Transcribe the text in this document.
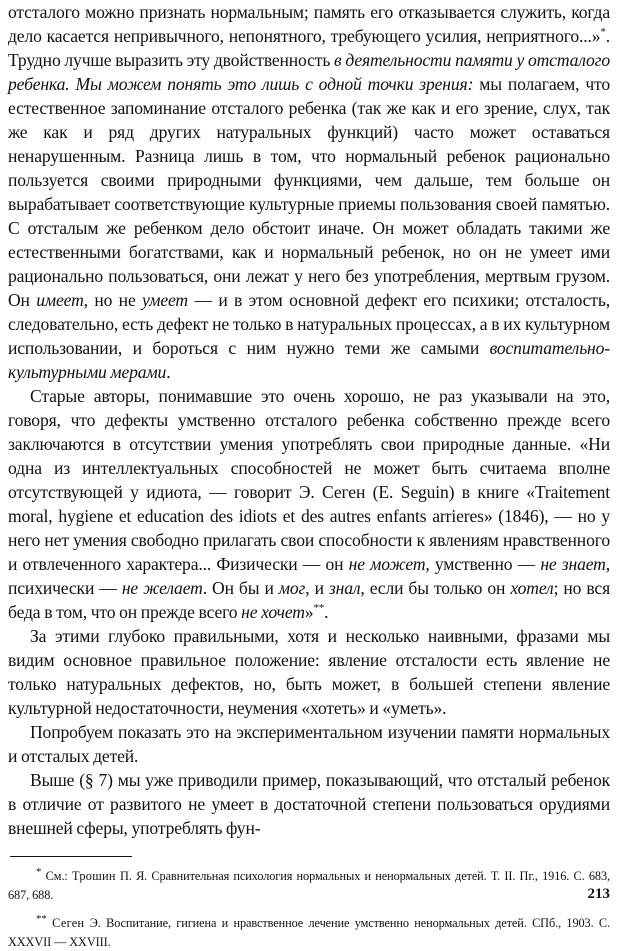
отсталого можно признать нормальным; память его отказывается служить, когда дело касается непривычного, непонятного, требующего усилия, неприятного...»*. Трудно лучше выразить эту двойственность в деятельности памяти у отсталого ребенка. Мы можем понять это лишь с одной точки зрения: мы полагаем, что естественное запоминание отсталого ребенка (так же как и его зрение, слух, так же как и ряд других натуральных функций) часто может оставаться ненарушенным. Разница лишь в том, что нормальный ребенок рационально пользуется своими природными функциями, чем дальше, тем больше он вырабатывает соответствующие культурные приемы пользования своей памятью. С отсталым же ребенком дело обстоит иначе. Он может обладать такими же естественными богатствами, как и нормальный ребенок, но он не умеет ими рационально пользоваться, они лежат у него без употребления, мертвым грузом. Он имеет, но не умеет — и в этом основной дефект его психики; отсталость, следовательно, есть дефект не только в натуральных процессах, а в их культурном использовании, и бороться с ним нужно теми же самыми воспитательно-культурными мерами.

Старые авторы, понимавшие это очень хорошо, не раз указывали на это, говоря, что дефекты умственно отсталого ребенка собственно прежде всего заключаются в отсутствии умения употреблять свои природные данные. «Ни одна из интеллектуальных способностей не может быть считаема вполне отсутствующей у идиота, — говорит Э. Сеген (E. Seguin) в книге «Traitement moral, hygiene et education des idiots et des autres enfants arrieres» (1846), — но у него нет умения свободно прилагать свои способности к явлениям нравственного и отвлеченного характера... Физически — он не может, умственно — не знает, психически — не желает. Он бы и мог, и знал, если бы только он хотел; но вся беда в том, что он прежде всего не хочет»**.

За этими глубоко правильными, хотя и несколько наивными, фразами мы видим основное правильное положение: явление отсталости есть явление не только натуральных дефектов, но, быть может, в большей степени явление культурной недостаточности, неумения «хотеть» и «уметь».

Попробуем показать это на экспериментальном изучении памяти нормальных и отсталых детей.

Выше (§ 7) мы уже приводили пример, показывающий, что отсталый ребенок в отличие от развитого не умеет в достаточной степени пользоваться орудиями внешней сферы, употреблять фун-

* См.: Трошин П. Я. Сравнительная психология нормальных и ненормальных детей. Т. II. Пг., 1916. С. 683, 687, 688.

** Сеген Э. Воспитание, гигиена и нравственное лечение умственно ненормальных детей. СПб., 1903. С. XXXVII — XXVIII.

213
